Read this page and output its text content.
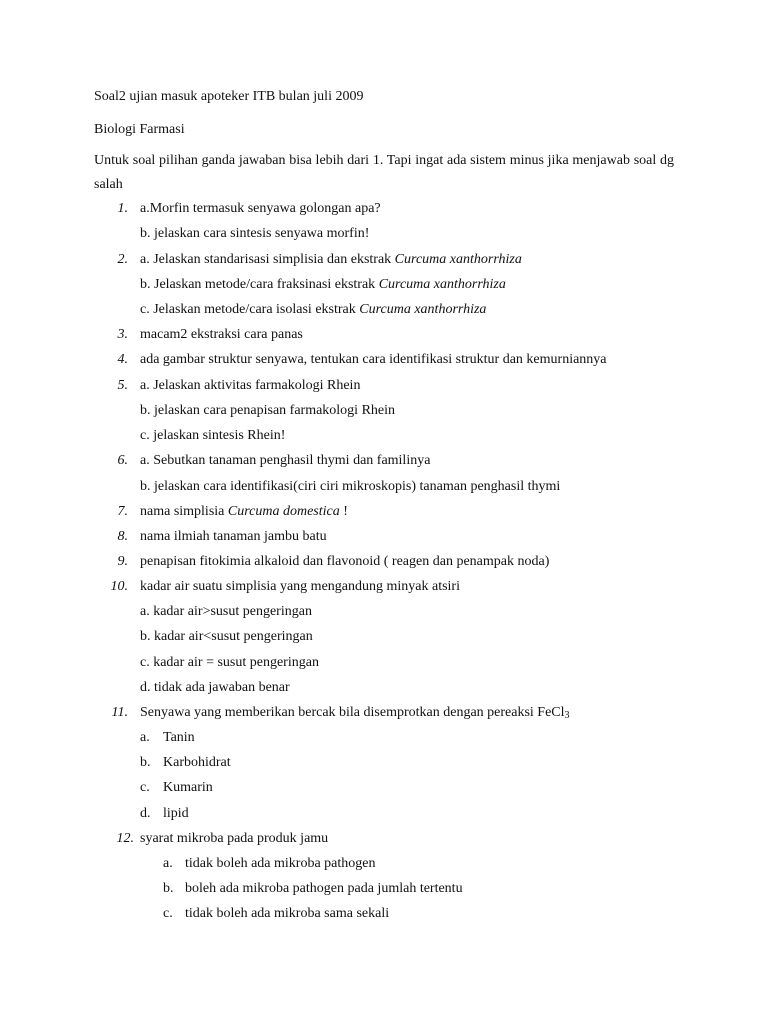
Soal2 ujian masuk apoteker ITB bulan juli 2009
Biologi Farmasi
Untuk soal pilihan ganda jawaban bisa lebih dari 1. Tapi ingat ada sistem minus jika menjawab soal dg salah
1. a.Morfin termasuk senyawa golongan apa?
b. jelaskan cara sintesis senyawa morfin!
2. a. Jelaskan standarisasi simplisia dan ekstrak Curcuma xanthorrhiza
b. Jelaskan metode/cara fraksinasi ekstrak Curcuma xanthorrhiza
c. Jelaskan metode/cara isolasi ekstrak Curcuma xanthorrhiza
3. macam2 ekstraksi cara panas
4. ada gambar struktur senyawa, tentukan cara identifikasi struktur dan kemurniannya
5. a. Jelaskan aktivitas farmakologi Rhein
b. jelaskan cara penapisan farmakologi Rhein
c. jelaskan sintesis Rhein!
6. a. Sebutkan tanaman penghasil thymi dan familinya
b. jelaskan cara identifikasi(ciri ciri mikroskopis) tanaman penghasil thymi
7. nama simplisia Curcuma domestica !
8. nama ilmiah tanaman jambu batu
9. penapisan fitokimia alkaloid dan flavonoid ( reagen dan penampak noda)
10. kadar air suatu simplisia yang mengandung minyak atsiri
a. kadar air>susut pengeringan
b. kadar air<susut pengeringan
c. kadar air = susut pengeringan
d. tidak ada jawaban benar
11. Senyawa yang memberikan bercak bila disemprotkan dengan pereaksi FeCl$_3$
a. Tanin
b. Karbohidrat
c. Kumarin
d. lipid
12. syarat mikroba pada produk jamu
a. tidak boleh ada mikroba pathogen
b. boleh ada mikroba pathogen pada jumlah tertentu
c. tidak boleh ada mikroba sama sekali
